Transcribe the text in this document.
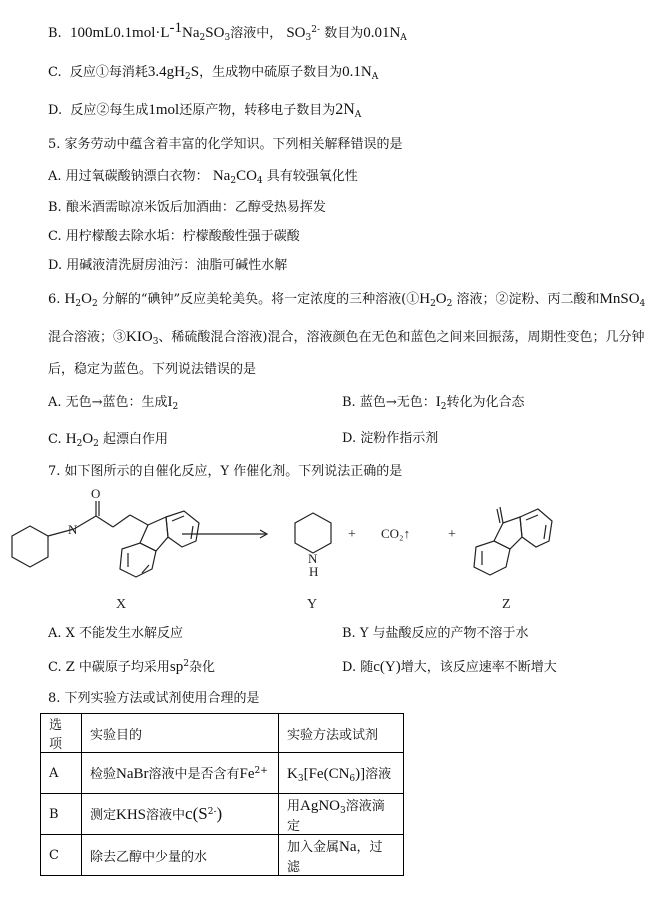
B. $100mL0.1mol\cdot L^{-1}Na_2SO_3$溶液中， $SO_3^{2-}$ 数目为$0.01N_A$
C. 反应①每消耗$3.4gH_2S$，生成物中硫原子数目为$0.1N_A$
D. 反应②每生成1mol还原产物，转移电子数目为$2N_A$
5. 家务劳动中蕴含着丰富的化学知识。下列相关解释错误的是
A. 用过氧碳酸钠漂白衣物： $Na_2CO_4$ 具有较强氧化性
B. 酿米酒需晾凉米饭后加酒曲：乙醇受热易挥发
C. 用柠檬酸去除水垢：柠檬酸酸性强于碳酸
D. 用碱液清洗厨房油污：油脂可碱性水解
6. $H_2O_2$ 分解的“碘钟”反应美轮美奂。将一定浓度的三种溶液($①H_2O_2$ 溶液；②淀粉、丙二酸和MnSO$_4$
混合溶液；$③KIO_3$、稀硫酸混合溶液)混合，溶液颜色在无色和蓝色之间来回振荡，周期性变色；几分钟
后，稳定为蓝色。下列说法错误的是
A. 无色→蓝色：生成$I_2$	B. 蓝色→无色：$I_2$转化为化合态
C. $H_2O_2$ 起漂白作用	D. 淀粉作指示剂
7. 如下图所示的自催化反应，Y 作催化剂。下列说法正确的是
O
N
N
H
+ CO₂↑	+
X	Y	Z
A. X 不能发生水解反应	B. Y 与盐酸反应的产物不溶于水
C. Z 中碳原子均采用$sp^2$杂化	D. 随c(Y)增大，该反应速率不断增大
8. 下列实验方法或试剂使用合理的是
选项	实验目的	实验方法或试剂
A	检验NaBr溶液中是否含有$Fe^{2+}$	$K_3[Fe(CN_6)]$溶液
B	测定KHS溶液中$c(S^{2-})$	用AgNO$_3$溶液滴定
C	除去乙醇中少量的水	加入金属Na，过滤
